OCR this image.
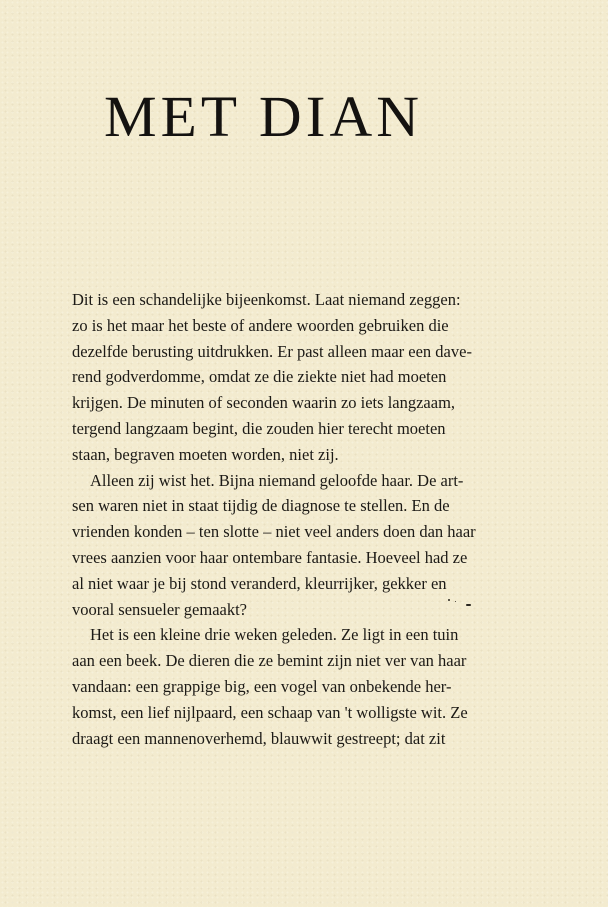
MET DIAN

Dit is een schandelijke bijeenkomst. Laat niemand zeggen:
zo is het maar het beste of andere woorden gebruiken die
dezelfde berusting uitdrukken. Er past alleen maar een dave-
rend godverdomme, omdat ze die ziekte niet had moeten
krijgen. De minuten of seconden waarin zo iets langzaam,
tergend langzaam begint, die zouden hier terecht moeten
staan, begraven moeten worden, niet zij.

Alleen zij wist het. Bijna niemand geloofde haar. De art-
sen waren niet in staat tijdig de diagnose te stellen. En de
vrienden konden – ten slotte – niet veel anders doen dan haar
vrees aanzien voor haar ontembare fantasie. Hoeveel had ze
al niet waar je bij stond veranderd, kleurrijker, gekker en
vooral sensueler gemaakt?

Het is een kleine drie weken geleden. Ze ligt in een tuin
aan een beek. De dieren die ze bemint zijn niet ver van haar
vandaan: een grappige big, een vogel van onbekende her-
komst, een lief nijlpaard, een schaap van 't wolligste wit. Ze
draagt een mannenoverhemd, blauwwit gestreept; dat zit
